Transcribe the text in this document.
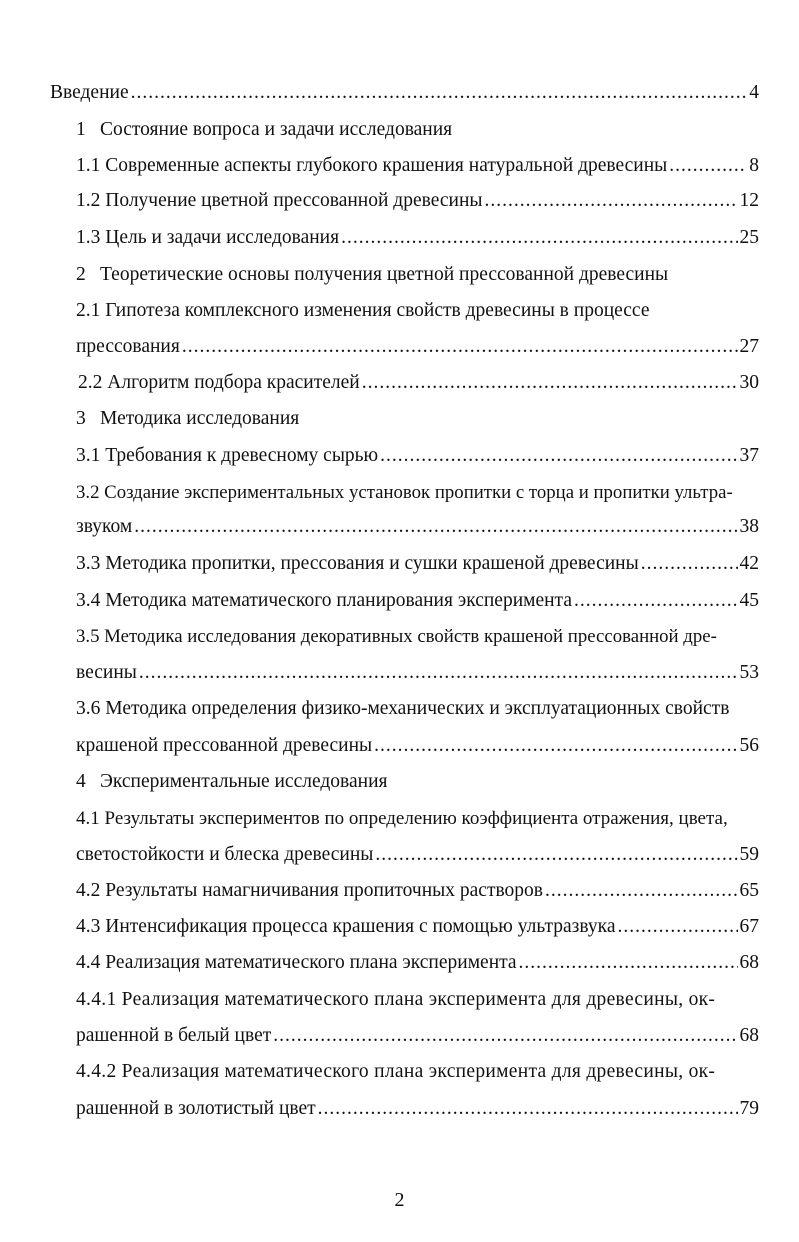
Введение .....	4
1 Состояние вопроса и задачи исследования
1.1 Современные аспекты глубокого крашения натуральной древесины .....	8
1.2 Получение цветной прессованной древесины .....	12
1.3 Цель и задачи исследования .....	25
2 Теоретические основы получения цветной прессованной древесины
2.1 Гипотеза комплексного изменения свойств древесины в процессе
прессования .....	27
2.2 Алгоритм подбора красителей .....	30
3 Методика исследования
3.1 Требования к древесному сырью .....	37
3.2 Создание экспериментальных установок пропитки с торца и пропитки ультра-
звуком .....	38
3.3 Методика пропитки, прессования и сушки крашеной древесины .....	42
3.4 Методика математического планирования эксперимента .....	45
3.5 Методика исследования декоративных свойств крашеной прессованной дре-
весины .....	53
3.6 Методика определения физико-механических и эксплуатационных свойств
крашеной прессованной древесины .....	56
4 Экспериментальные исследования
4.1 Результаты экспериментов по определению коэффициента отражения, цвета,
светостойкости и блеска древесины .....	59
4.2 Результаты намагничивания пропиточных растворов .....	65
4.3 Интенсификация процесса крашения с помощью ультразвука .....	67
4.4 Реализация математического плана эксперимента .....	68
4.4.1 Реализация математического плана эксперимента для древесины, ок-
рашенной в белый цвет .....	68
4.4.2 Реализация математического плана эксперимента для древесины, ок-
рашенной в золотистый цвет .....	79
2
